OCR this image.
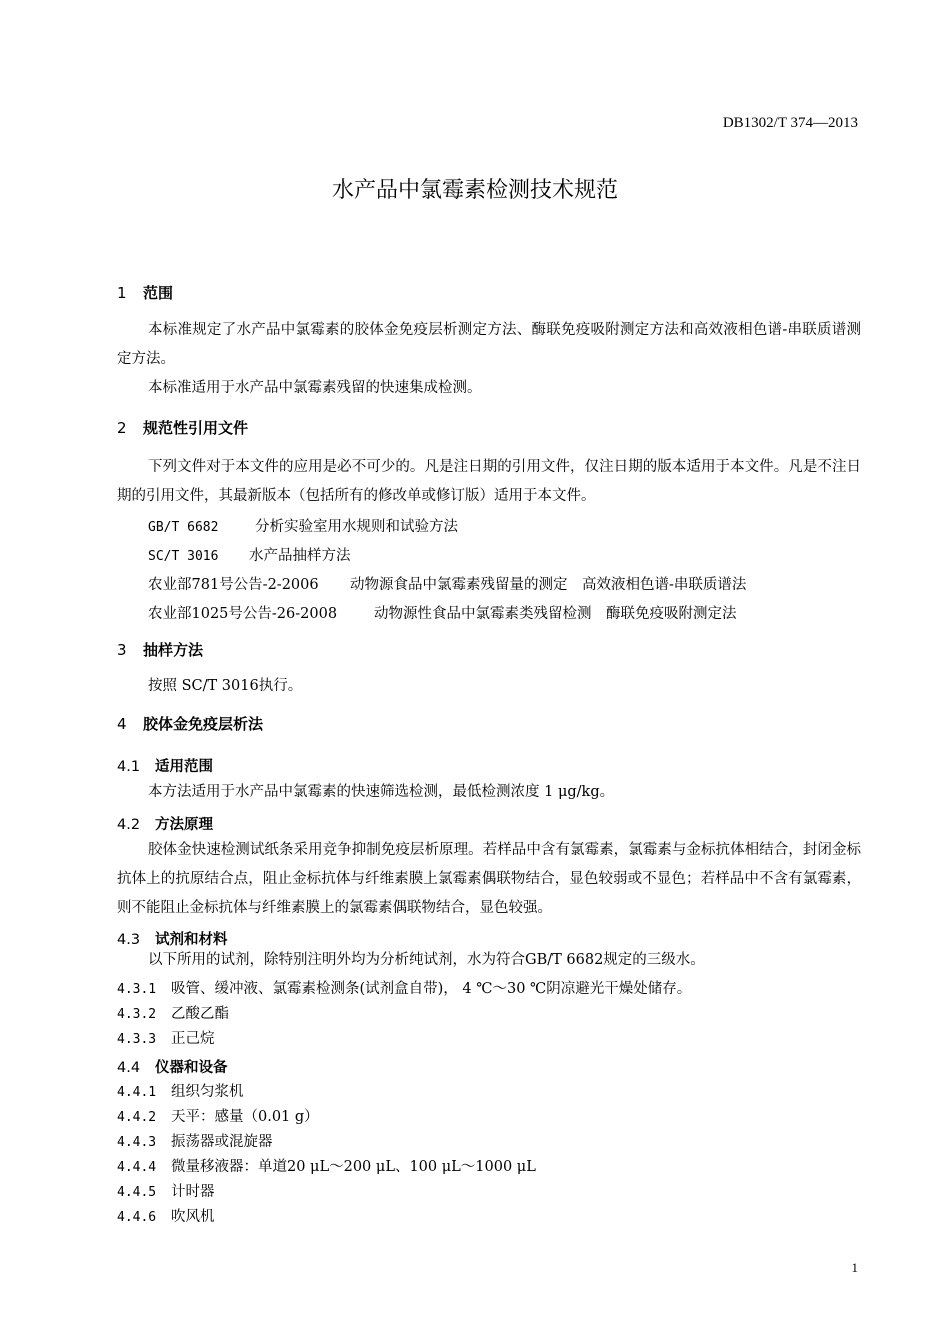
DB1302/T 374—2013
水产品中氯霉素检测技术规范
1 范围
本标准规定了水产品中氯霉素的胶体金免疫层析测定方法、酶联免疫吸附测定方法和高效液相色谱-串联质谱测定方法。
本标准适用于水产品中氯霉素残留的快速集成检测。
2 规范性引用文件
下列文件对于本文件的应用是必不可少的。凡是注日期的引用文件，仅注日期的版本适用于本文件。凡是不注日期的引用文件，其最新版本（包括所有的修改单或修订版）适用于本文件。
GB/T 6682	分析实验室用水规则和试验方法
SC/T 3016 水产品抽样方法
农业部781号公告-2-2006 动物源食品中氯霉素残留量的测定　高效液相色谱-串联质谱法
农业部1025号公告-26-2008	动物源性食品中氯霉素类残留检测　酶联免疫吸附测定法
3 抽样方法
按照 SC/T 3016执行。
4 胶体金免疫层析法
4.1 适用范围
本方法适用于水产品中氯霉素的快速筛选检测，最低检测浓度 1 μg/kg。
4.2 方法原理
胶体金快速检测试纸条采用竞争抑制免疫层析原理。若样品中含有氯霉素，氯霉素与金标抗体相结合，封闭金标抗体上的抗原结合点，阻止金标抗体与纤维素膜上氯霉素偶联物结合，显色较弱或不显色；若样品中不含有氯霉素，则不能阻止金标抗体与纤维素膜上的氯霉素偶联物结合，显色较强。
4.3 试剂和材料
以下所用的试剂，除特别注明外均为分析纯试剂，水为符合GB/T 6682规定的三级水。
4.3.1 吸管、缓冲液、氯霉素检测条(试剂盒自带)， 4 ℃～30 ℃阴凉避光干燥处储存。
4.3.2 乙酸乙酯
4.3.3 正己烷
4.4 仪器和设备
4.4.1 组织匀浆机
4.4.2 天平：感量（0.01 g）
4.4.3 振荡器或混旋器
4.4.4 微量移液器：单道20 μL～200 μL、100 μL～1000 μL
4.4.5 计时器
4.4.6 吹风机
1
